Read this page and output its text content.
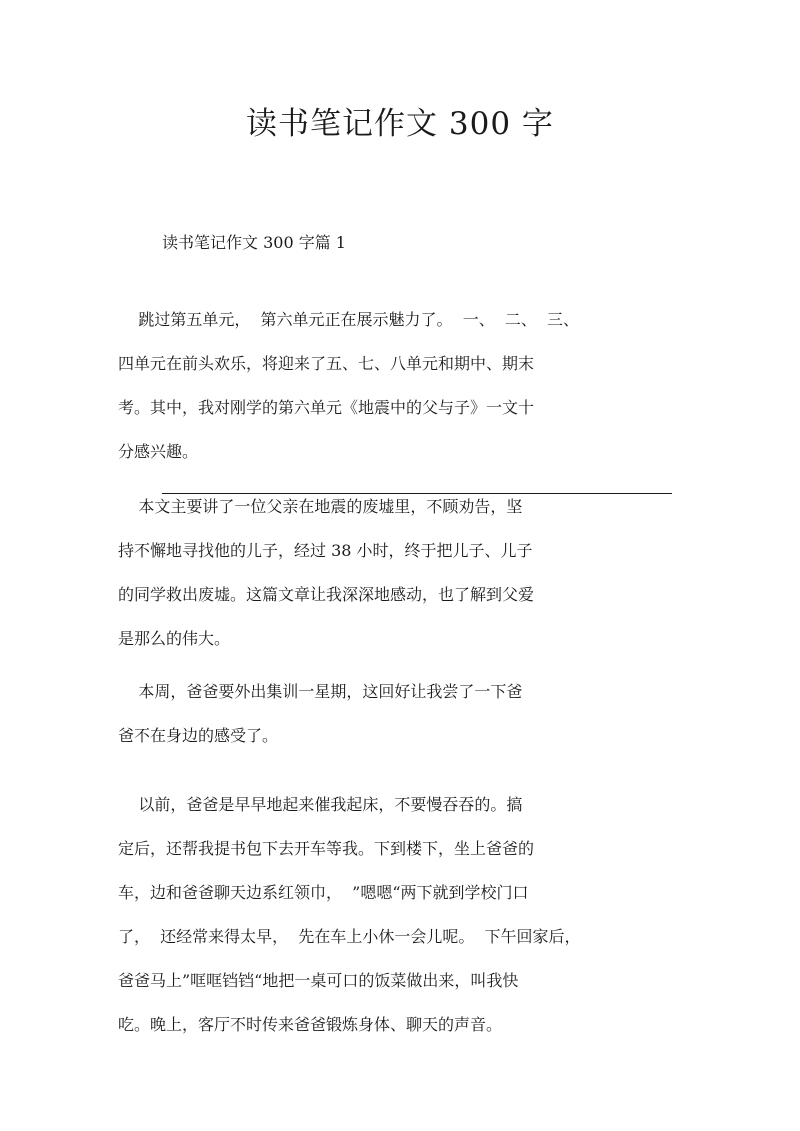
读书笔记作文 300 字

读书笔记作文 300 字篇 1

跳过第五单元，  第六单元正在展示魅力了。  一、  二、  三、
四单元在前头欢乐，将迎来了五、七、八单元和期中、期末
考。其中，我对刚学的第六单元《地震中的父与子》一文十
分感兴趣。
本文主要讲了一位父亲在地震的废墟里，不顾劝告，坚
持不懈地寻找他的儿子，经过 38 小时，终于把儿子、儿子
的同学救出废墟。这篇文章让我深深地感动，也了解到父爱
是那么的伟大。
本周，爸爸要外出集训一星期，这回好让我尝了一下爸
爸不在身边的感受了。
以前，爸爸是早早地起来催我起床，不要慢吞吞的。搞
定后，还帮我提书包下去开车等我。下到楼下，坐上爸爸的
车，边和爸爸聊天边系红领巾，  ”嗯嗯“两下就到学校门口
了，  还经常来得太早，  先在车上小休一会儿呢。  下午回家后，
爸爸马上”哐哐铛铛“地把一桌可口的饭菜做出来，叫我快
吃。晚上，客厅不时传来爸爸锻炼身体、聊天的声音。
